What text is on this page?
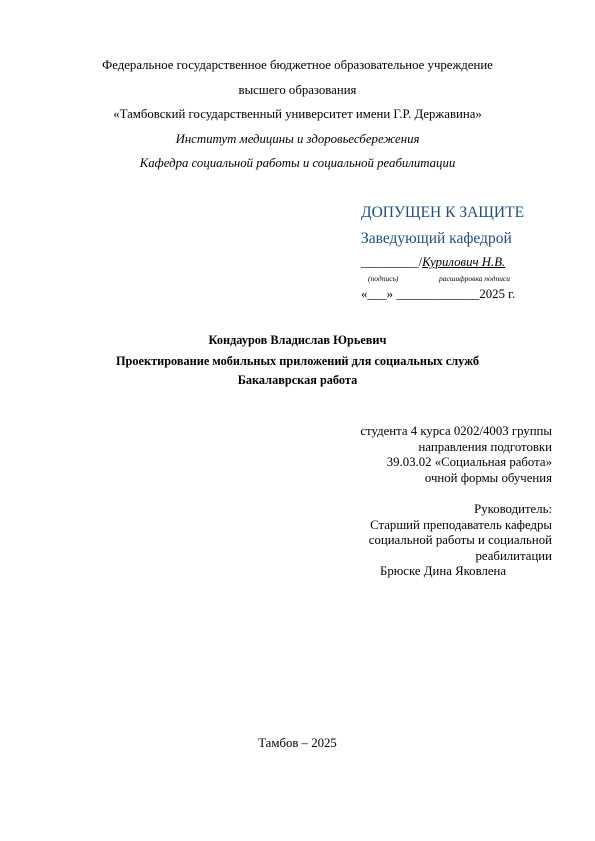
Федеральное государственное бюджетное образовательное учреждение
высшего образования
«Тамбовский государственный университет имени Г.Р. Державина»
Институт медицины и здоровьесбережения
Кафедра социальной работы и социальной реабилитации
ДОПУЩЕН К ЗАЩИТЕ
Заведующий кафедрой
_________/Курилович Н.В.
(подпись)	расшифровка подписи
«___» _____________2025 г.
Кондауров Владислав Юрьевич
Проектирование мобильных приложений для социальных служб
Бакалаврская работа
студента 4 курса 0202/4003 группы
направления подготовки
39.03.02 «Социальная работа»
очной формы обучения
Руководитель:
Старший преподаватель кафедры
социальной работы и социальной
реабилитации
Брюске Дина Яковлена
Тамбов – 2025
